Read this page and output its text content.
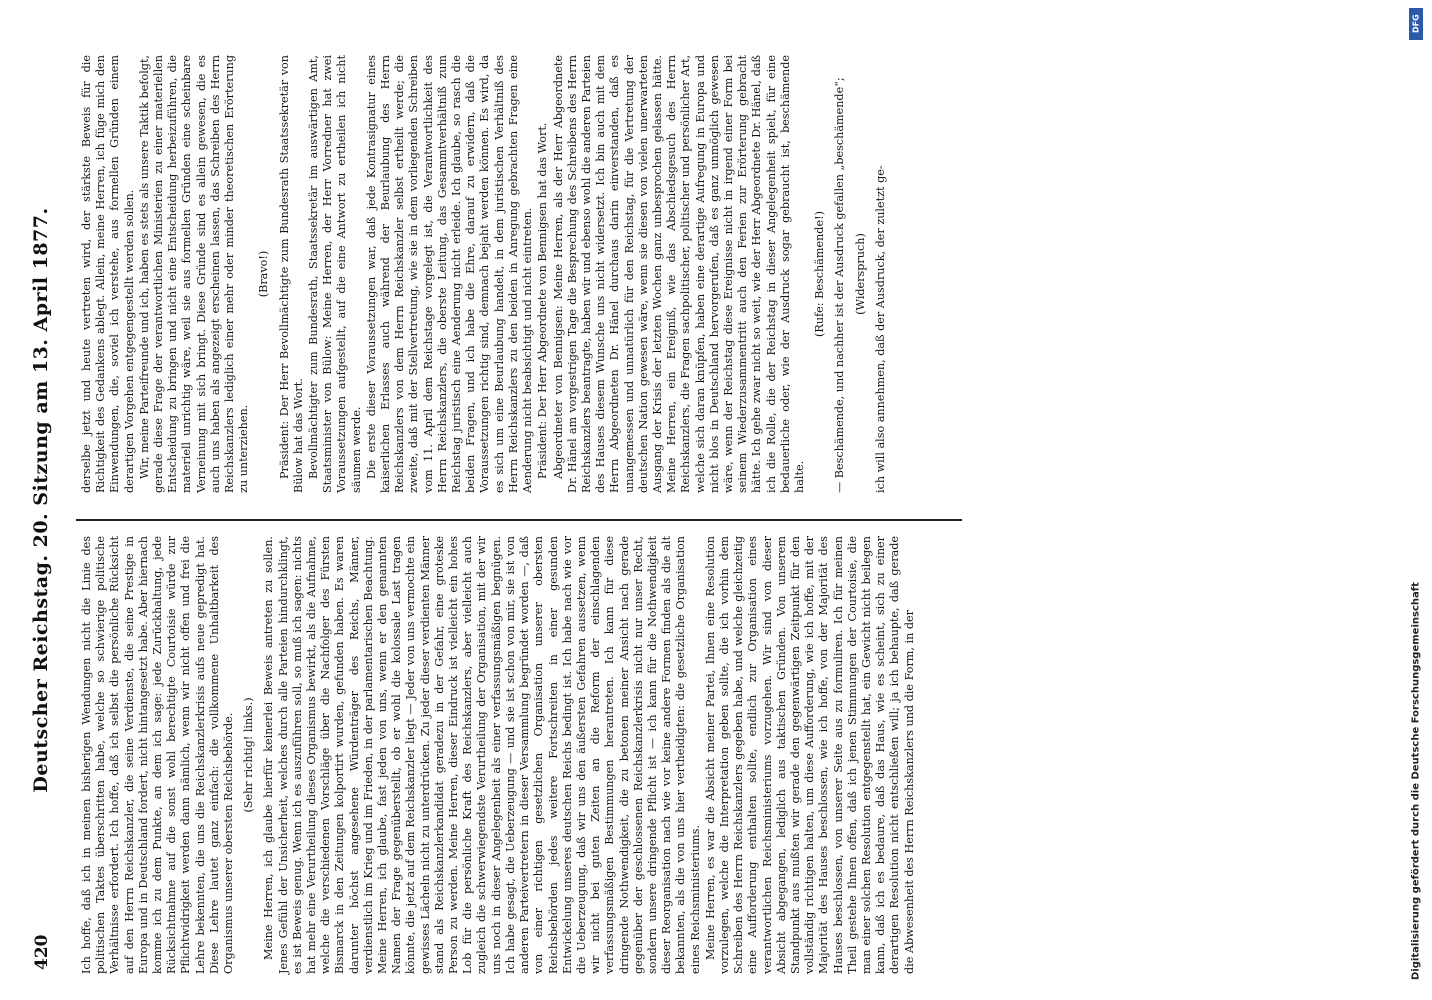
420
Deutscher Reichstag. 20. Sitzung am 13. April 1877.	Ich hoffe, daß ich in meinen bisherigen Wendungen nicht die Linie des politischen Taktes überschritten habe, welche so schwierige politische Verhältnisse erfordert. Ich hoffe, daß ich selbst die persönliche Rücksicht auf den Herrn Reichskanzler, die seine Verdienste, die seine Prestige in Europa und in Deutschland fordert, nicht hintangesetzt habe. Aber hiernach komme ich zu dem Punkte, an dem ich sage: jede Zurückhaltung, jede Rücksichtnahme auf die sonst wohl berechtigte Courtoisie würde zur Pflichtwidrigkeit werden dann nämlich, wenn wir nicht offen und frei die Lehre bekennten, die uns die Reichskanzlerkrisis aufs neue gepredigt hat. Diese Lehre lautet ganz einfach: die vollkommene Unhaltbarkeit des Organismus unserer obersten Reichsbehörde. (Sehr richtig! links.) Meine Herren, ich glaube hierfür keinerlei Beweis antreten zu sollen. Jenes Gefühl der Unsicherheit, welches durch alle Parteien hindurchklingt, es ist Beweis genug. Wenn ich es auszuführen soll, so muß ich sagen: nichts hat mehr eine Verurtheilung dieses Organismus bewirkt, als die Aufnahme, welche die verschiedenen Vorschläge über die Nachfolger des Fürsten Bismarck in den Zeitungen kolportirt wurden, gefunden haben. Es waren darunter höchst angesehene Würdenträger des Reichs, Männer, verdienstlich im Krieg und im Frieden, in der parlamentarischen Beachtung. Meine Herren, ich glaube, fast jeden von uns, wenn er den genannten Namen der Frage gegenüberstellt, ob er wohl die kolossale Last tragen könnte, die jetzt auf dem Reichskanzler liegt — Jeder von uns vermochte ein gewisses Lächeln nicht zu unterdrücken. Zu jeder dieser verdienten Männer stand als Reichskanzlerkandidat geradezu in der Gefahr, eine groteske Person zu werden. Meine Herren, dieser Eindruck ist vielleicht ein hohes Lob für die persönliche Kraft des Reichskanzlers, aber vielleicht auch zugleich die schwerwiegendste Verurtheilung der Organisation, mit der wir uns noch in dieser Angelegenheit als einer verfassungsmäßigen begnügen. Ich habe gesagt, die Ueberzeugung — und sie ist schon von mir, sie ist von anderen Parteivertretern in dieser Versammlung begründet worden —, daß von einer richtigen gesetzlichen Organisation unserer obersten Reichsbehörden jedes weitere Fortschreiten in einer gesunden Entwickelung unseres deutschen Reichs bedingt ist. Ich habe nach wie vor die Ueberzeugung, daß wir uns den äußersten Gefahren aussetzen, wenn wir nicht bei guten Zeiten an die Reform der einschlagenden verfassungsmäßigen Bestimmungen herantreten. Ich kann für diese dringende Nothwendigkeit, die zu betonen meiner Ansicht nach gerade gegenüber der geschlossenen Reichskanzlerkrisis nicht nur unser Recht, sondern unsere dringende Pflicht ist — ich kann für die Nothwendigkeit dieser Reorganisation nach wie vor keine andere Formen finden als die alt bekannten, als die von uns hier vertheidigten: die gesetzliche Organisation eines Reichsministeriums. Meine Herren, es war die Absicht meiner Partei, Ihnen eine Resolution vorzulegen, welche die Interpretation geben sollte, die ich vorhin dem Schreiben des Herrn Reichskanzlers gegeben habe, und welche gleichzeitig eine Aufforderung enthalten sollte, endlich zur Organisation eines verantwortlichen Reichsministeriums vorzugehen. Wir sind von dieser Absicht abgegangen, lediglich aus taktischen Gründen. Von unserem Standpunkt aus mußten wir gerade den gegenwärtigen Zeitpunkt für den vollständig richtigen halten, um diese Aufforderung, wie ich hoffe, mit der Majorität des Hauses beschlossen, wie ich hoffe, von der Majorität des Hauses beschlossen, von unserer Seite aus zu formuliren. Ich für meinen Theil gestehe Ihnen offen, daß ich jenen Stimmungen der Courtoisie, die man einer solchen Resolution entgegenstellt hat, ein Gewicht nicht beilegen kann, daß ich es bedaure, daß das Haus, wie es scheint, sich zu einer derartigen Resolution nicht entschließen will; ja ich behaupte, daß gerade die Abwesenheit des Herrn Reichskanzlers und die Form, in der

derselbe jetzt und heute vertreten wird, der stärkste Beweis für die Richtigkeit des Gedankens ablegt. Allein, meine Herren, ich füge mich den Einwendungen, die, soviel ich verstehe, aus formellen Gründen einem derartigen Vorgehen entgegengestellt werden sollen. Wir, meine Parteifreunde und ich, haben es stets als unsere Taktik befolgt, gerade diese Frage der verantwortlichen Ministerien zu einer materiellen Entscheidung zu bringen und nicht eine Entscheidung herbeizuführen, die materiell unrichtig wäre, weil sie aus formellen Gründen eine scheinbare Verneinung mit sich bringt. Diese Gründe sind es allein gewesen, die es auch uns haben als angezeigt erscheinen lassen, das Schreiben des Herrn Reichskanzlers lediglich einer mehr oder minder theoretischen Erörterung zu unterziehen.

(Bravo!) Präsident: Der Herr Bevollmächtigte zum Bundesrath Staatssekretär von Bülow hat das Wort. Bevollmächtigter zum Bundesrath, Staatssekretär im auswärtigen Amt, Staatsminister von Bülow: Meine Herren, der Herr Vorredner hat zwei Voraussetzungen aufgestellt, auf die eine Antwort zu ertheilen ich nicht säumen werde. Die erste dieser Voraussetzungen war, daß jede Kontrasignatur eines kaiserlichen Erlasses auch während der Beurlaubung des Herrn Reichskanzlers von dem Herrn Reichskanzler selbst ertheilt werde; die zweite, daß mit der Stellvertretung, wie sie in dem vorliegenden Schreiben vom 11. April dem Reichstage vorgelegt ist, die Verantwortlichkeit des Herrn Reichskanzlers, die oberste Leitung, das Gesammtverhältniß zum Reichstag juristisch eine Aenderung nicht erleide. Ich glaube, so rasch die beiden Fragen, und ich habe die Ehre, darauf zu erwidern, daß die Voraussetzungen richtig sind, demnach bejaht werden können. Es wird, da es sich um eine Beurlaubung handelt, in dem juristischen Verhältniß des Herrn Reichskanzlers zu den beiden in Anregung gebrachten Fragen eine Aenderung nicht beabsichtigt und nicht eintreten. Präsident: Der Herr Abgeordnete von Bennigsen hat das Wort. Abgeordneter von Bennigsen: Meine Herren, als der Herr Abgeordnete Dr. Hänel am vorgestrigen Tage die Besprechung des Schreibens des Herrn Reichskanzlers beantragte, haben wir und ebenso wohl die anderen Parteien des Hauses diesem Wunsche uns nicht widersetzt. Ich bin auch mit dem Herrn Abgeordneten Dr. Hänel durchaus darin einverstanden, daß es unangemessen und unnatürlich für den Reichstag, für die Vertretung der deutschen Nation gewesen wäre, wenn sie diesen von vielen unerwarteten Ausgang der Krisis der letzten Wochen ganz unbesprochen gelassen hätte. Meine Herren, ein Ereigniß, wie das Abschiedsgesuch des Herrn Reichskanzlers, die Fragen sachpolitischer, politischer und persönlicher Art, welche sich daran knüpfen, haben eine derartige Aufregung in Europa und nicht blos in Deutschland hervorgerufen, daß es ganz unmöglich gewesen wäre, wenn der Reichstag diese Ereignisse nicht in irgend einer Form bei seinem Wiederzusammentritt auch den Ferien zur Erörterung gebracht hätte. Ich gehe zwar nicht so weit, wie der Herr Abgeordnete Dr. Hänel, daß ich die Rolle, die der Reichstag in dieser Angelegenheit spielt, für eine bedauerliche oder, wie der Ausdruck sogar gebraucht ist, beschämende halte.

(Rufe: Beschämende!) — Beschämende, und nachher ist der Ausdruck gefallen „beschämende“; (Widerspruch) ich will also annehmen, daß der Ausdruck, der zuletzt ge-

Digitalisierung gefördert durch die Deutsche Forschungsgemeinschaft
DFG
